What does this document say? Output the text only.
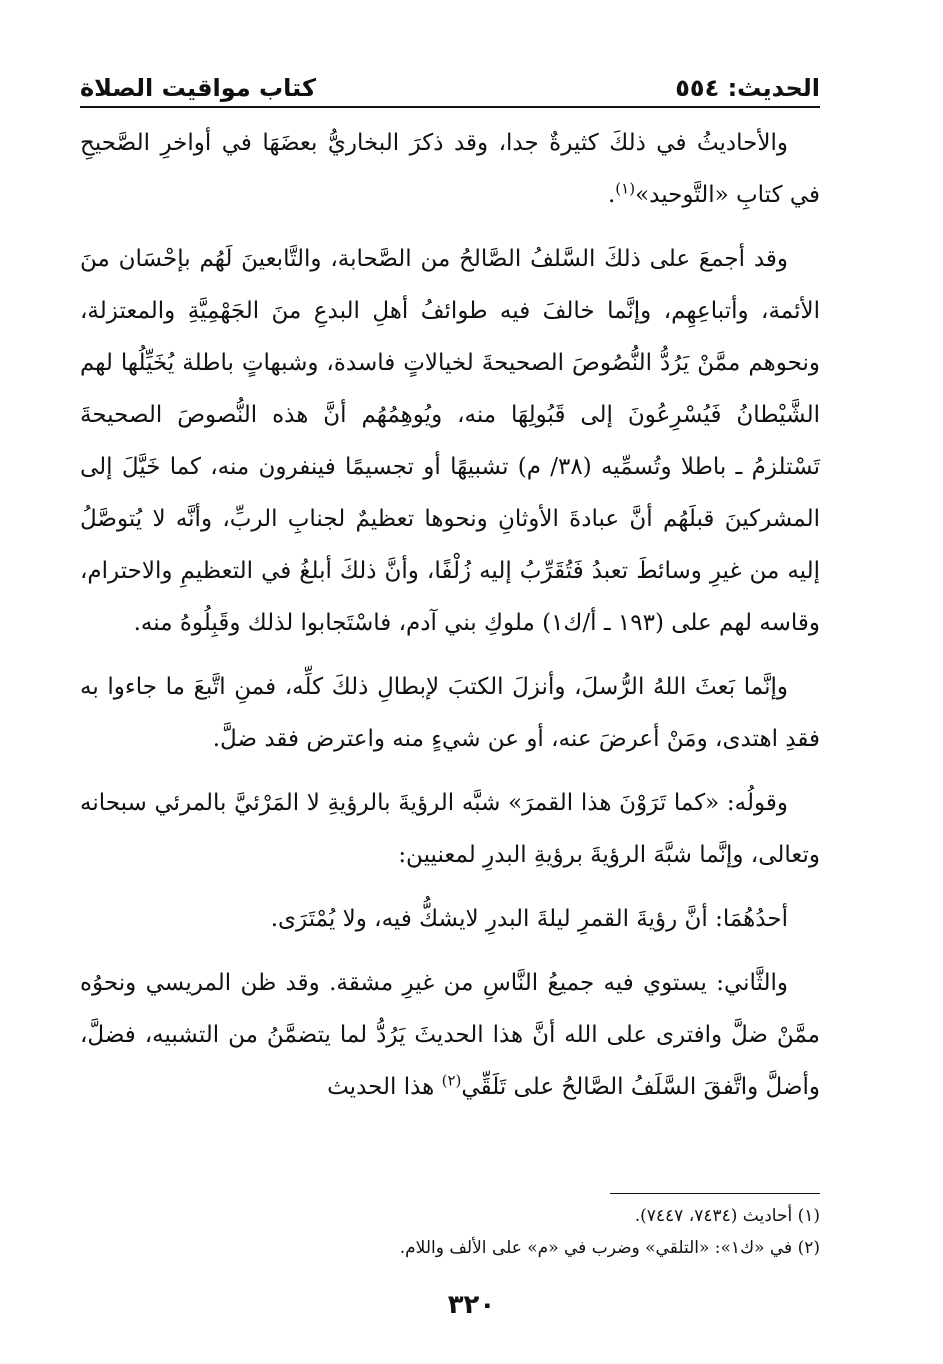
الحديث: ٥٥٤
كتاب مواقيت الصلاة

والأحاديثُ في ذلكَ كثيرةٌ جدا، وقد ذكرَ البخاريُّ بعضَهَا في أواخرِ الصَّحيحِ في كتابِ «التَّوحيد»$^{(١)}$.

وقد أجمعَ على ذلكَ السَّلفُ الصَّالحُ من الصَّحابة، والتَّابعينَ لَهُم بإحْسَان منَ الأئمة، وأتباعِهِم، وإنَّما خالفَ فيه طوائفُ أهلِ البدعِ منَ الجَهْمِيَّةِ والمعتزلة، ونحوهم ممَّنْ يَرُدُّ النُّصُوصَ الصحيحةَ لخيالاتٍ فاسدة، وشبهاتٍ باطلة يُخَيِّلُها لهم الشَّيْطانُ فَيُسْرِعُونَ إلى قَبُولِهَا منه، ويُوهِمُهُم أنَّ هذه النُّصوصَ الصحيحةَ تَسْتلزمُ ـ باطلا وتُسمِّيه (٣٨/ م) تشبيهًا أو تجسيمًا فينفرون منه، كما خَيَّلَ إلى المشركينَ قبلَهُم أنَّ عبادةَ الأوثانِ ونحوها تعظيمٌ لجنابِ الربِّ، وأنَّه لا يُتوصَّلُ إليه من غيرِ وسائطَ تعبدُ فَتُقَرِّبُ إليه زُلْفًا، وأنَّ ذلكَ أبلغُ في التعظيمِ والاحترام، وقاسه لهم على (١٩٣ ـ أ/ك١) ملوكِ بني آدم، فاسْتَجابوا لذلك وقَبِلُوهُ منه.

وإنَّما بَعثَ اللهُ الرُّسلَ، وأنزلَ الكتبَ لإبطالِ ذلكَ كلِّه، فمنِ اتَّبعَ ما جاءوا به فقدِ اهتدى، ومَنْ أعرضَ عنه، أو عن شيءٍ منه واعترض فقد ضلَّ.

وقولُه: «كما تَرَوْنَ هذا القمرَ» شبَّه الرؤيةَ بالرؤيةِ لا المَرْئيَّ بالمرئي سبحانه وتعالى، وإنَّما شبَّهَ الرؤيةَ برؤيةِ البدرِ لمعنيين:

أحدُهُمَا: أنَّ رؤيةَ القمرِ ليلةَ البدرِ لايشكُّ فيه، ولا يُمْتَرَى.

والثَّاني: يستوي فيه جميعُ النَّاسِ من غيرِ مشقة. وقد ظن المريسي ونحوُه ممَّنْ ضلَّ وافترى على الله أنَّ هذا الحديثَ يَرُدُّ لما يتضمَّنُ من التشبيه، فضلَّ، وأضلَّ واتَّفقَ السَّلَفُ الصَّالحُ على تَلَقِّي$^{(٢)}$ هذا الحديث

(١) أحاديث (٧٤٣٤، ٧٤٤٧).
(٢) في «ك١»: «التلقي» وضرب في «م» على الألف واللام.
٣٢٠
